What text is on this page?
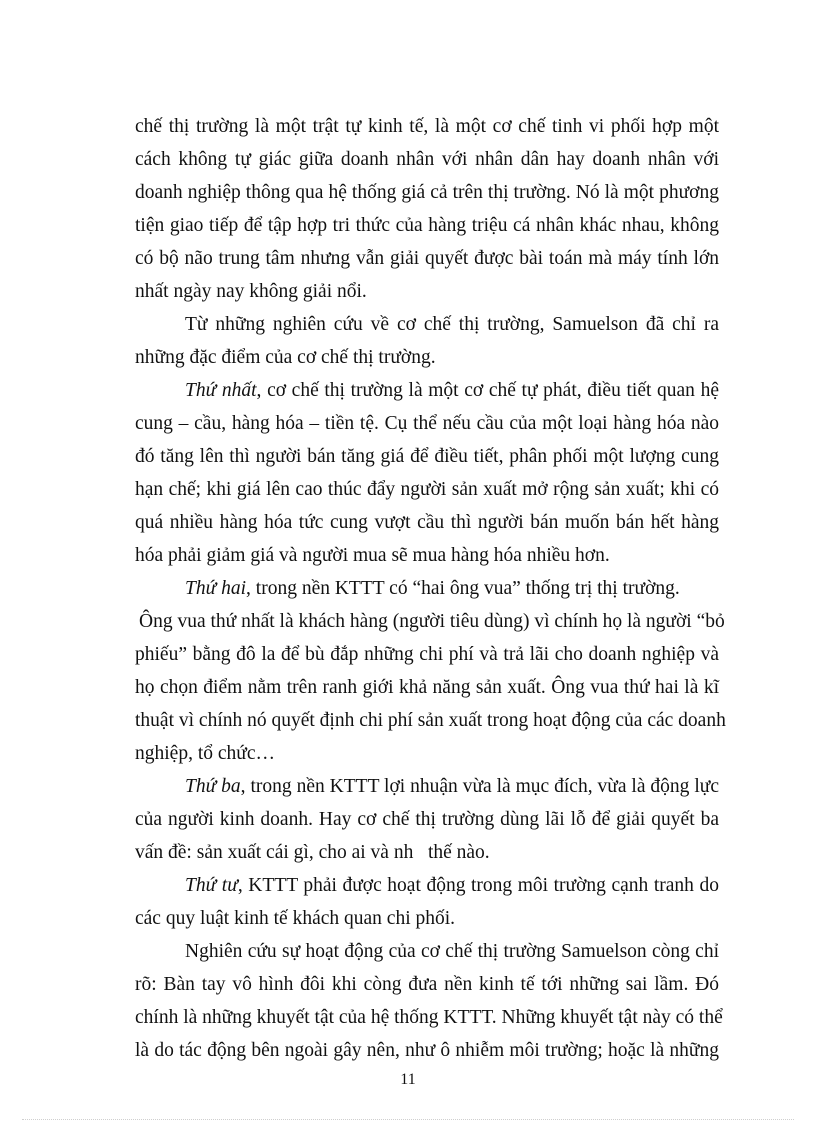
chế thị trường là một trật tự kinh tế, là một cơ chế tinh vi phối hợp một
cách không tự giác giữa doanh nhân với nhân dân hay doanh nhân với
doanh nghiệp thông qua hệ thống giá cả trên thị trường. Nó là một phương
tiện giao tiếp để tập hợp tri thức của hàng triệu cá nhân khác nhau, không
có bộ não trung tâm nhưng vẫn giải quyết được bài toán mà máy tính lớn
nhất ngày nay không giải nổi.
Từ những nghiên cứu về cơ chế thị trường, Samuelson đã chỉ ra
những đặc điểm của cơ chế thị trường.
Thứ nhất, cơ chế thị trường là một cơ chế tự phát, điều tiết quan hệ
cung – cầu, hàng hóa – tiền tệ. Cụ thể nếu cầu của một loại hàng hóa nào
đó tăng lên thì người bán tăng giá để điều tiết, phân phối một lượng cung
hạn chế; khi giá lên cao thúc đẩy người sản xuất mở rộng sản xuất; khi có
quá nhiều hàng hóa tức cung vượt cầu thì người bán muốn bán hết hàng
hóa phải giảm giá và người mua sẽ mua hàng hóa nhiều hơn.
Thứ hai, trong nền KTTT có “hai ông vua” thống trị thị trường.
Ông vua thứ nhất là khách hàng (người tiêu dùng) vì chính họ là người “bỏ
phiếu” bằng đô la để bù đắp những chi phí và trả lãi cho doanh nghiệp và
họ chọn điểm nằm trên ranh giới khả năng sản xuất. Ông vua thứ hai là kĩ
thuật vì chính nó quyết định chi phí sản xuất trong hoạt động của các doanh
nghiệp, tổ chức…
Thứ ba, trong nền KTTT lợi nhuận vừa là mục đích, vừa là động lực
của người kinh doanh. Hay cơ chế thị trường dùng lãi lỗ để giải quyết ba
vấn đề: sản xuất cái gì, cho ai và nh   thế nào.
Thứ tư, KTTT phải được hoạt động trong môi trường cạnh tranh do
các quy luật kinh tế khách quan chi phối.
Nghiên cứu sự hoạt động của cơ chế thị trường Samuelson còng chỉ
rõ: Bàn tay vô hình đôi khi còng đưa nền kinh tế tới những sai lầm. Đó
chính là những khuyết tật của hệ thống KTTT. Những khuyết tật này có thể
là do tác động bên ngoài gây nên, như ô nhiễm môi trường; hoặc là những
11
